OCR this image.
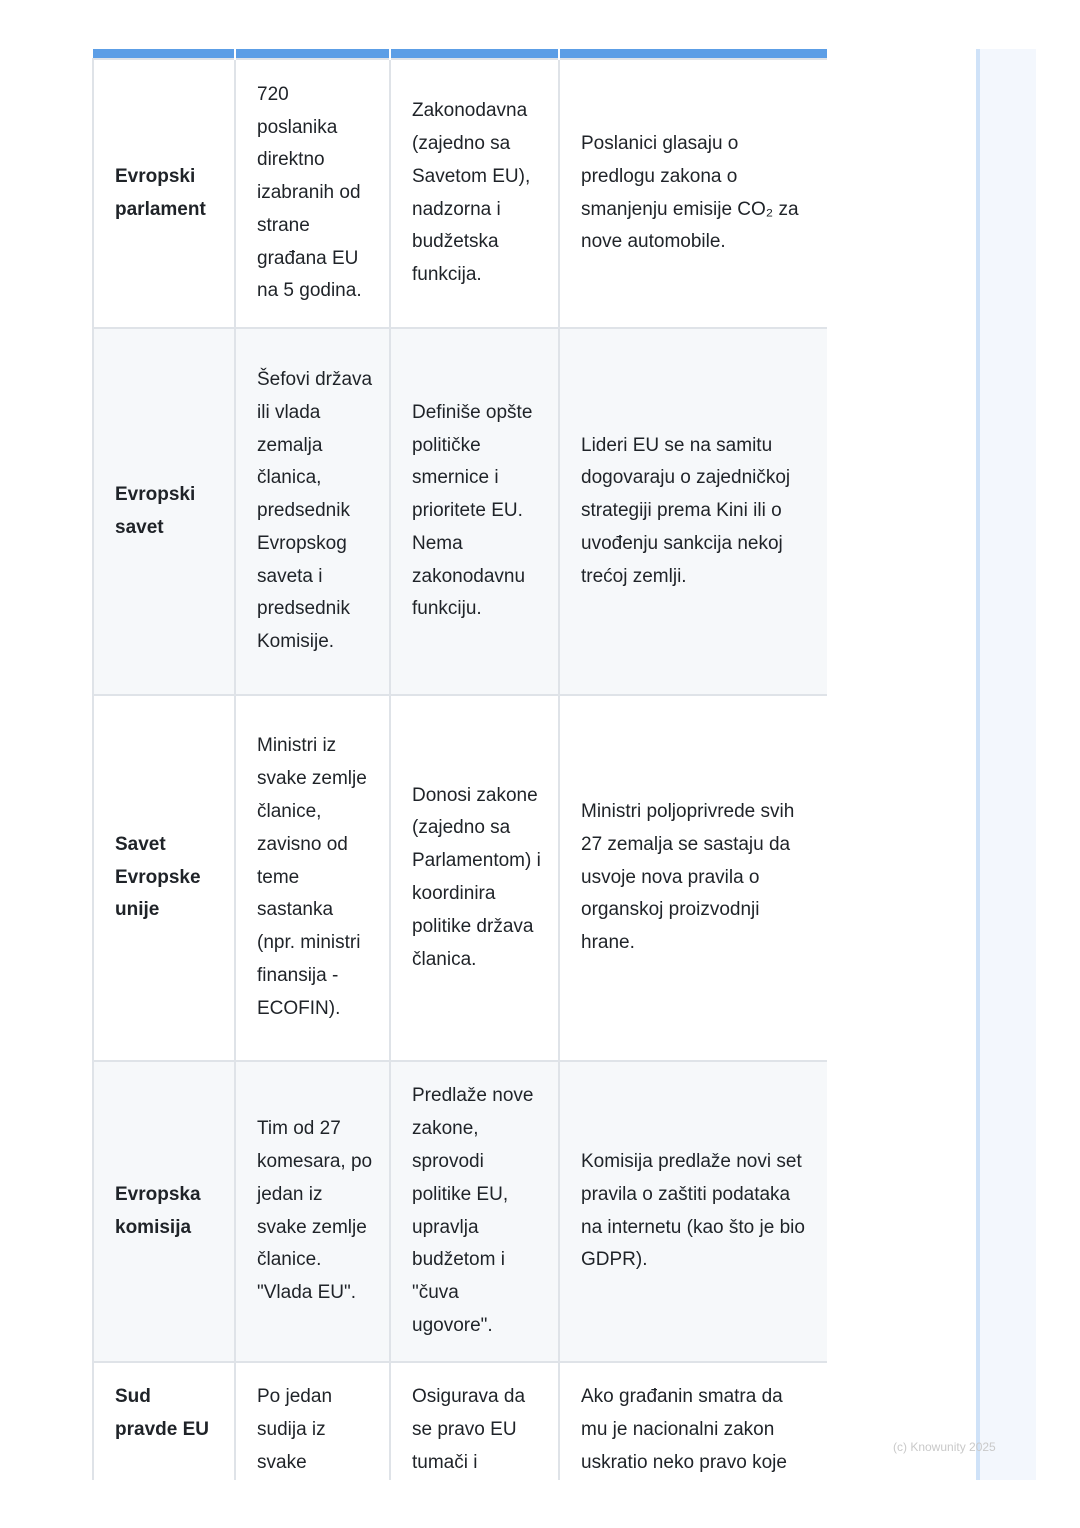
Evropski parlament	720 poslanika direktno izabranih od strane građana EU na 5 godina.	Zakonodavna (zajedno sa Savetom EU), nadzorna i budžetska funkcija.	Poslanici glasaju o predlogu zakona o smanjenju emisije CO₂ za nove automobile.
Evropski savet	Šefovi država ili vlada zemalja članica, predsednik Evropskog saveta i predsednik Komisije.	Definiše opšte političke smernice i prioritete EU. Nema zakonodavnu funkciju.	Lideri EU se na samitu dogovaraju o zajedničkoj strategiji prema Kini ili o uvođenju sankcija nekoj trećoj zemlji.
Savet Evropske unije	Ministri iz svake zemlje članice, zavisno od teme sastanka (npr. ministri finansija - ECOFIN).	Donosi zakone (zajedno sa Parlamentom) i koordinira politike država članica.	Ministri poljoprivrede svih 27 zemalja se sastaju da usvoje nova pravila o organskoj proizvodnji hrane.
Evropska komisija	Tim od 27 komesara, po jedan iz svake zemlje članice. "Vlada EU".	Predlaže nove zakone, sprovodi politike EU, upravlja budžetom i "čuva ugovore".	Komisija predlaže novi set pravila o zaštiti podataka na internetu (kao što je bio GDPR).
Sud pravde EU	Po jedan sudija iz svake	Osigurava da se pravo EU tumači i	Ako građanin smatra da mu je nacionalni zakon uskratio neko pravo koje
(c) Knowunity 2025
